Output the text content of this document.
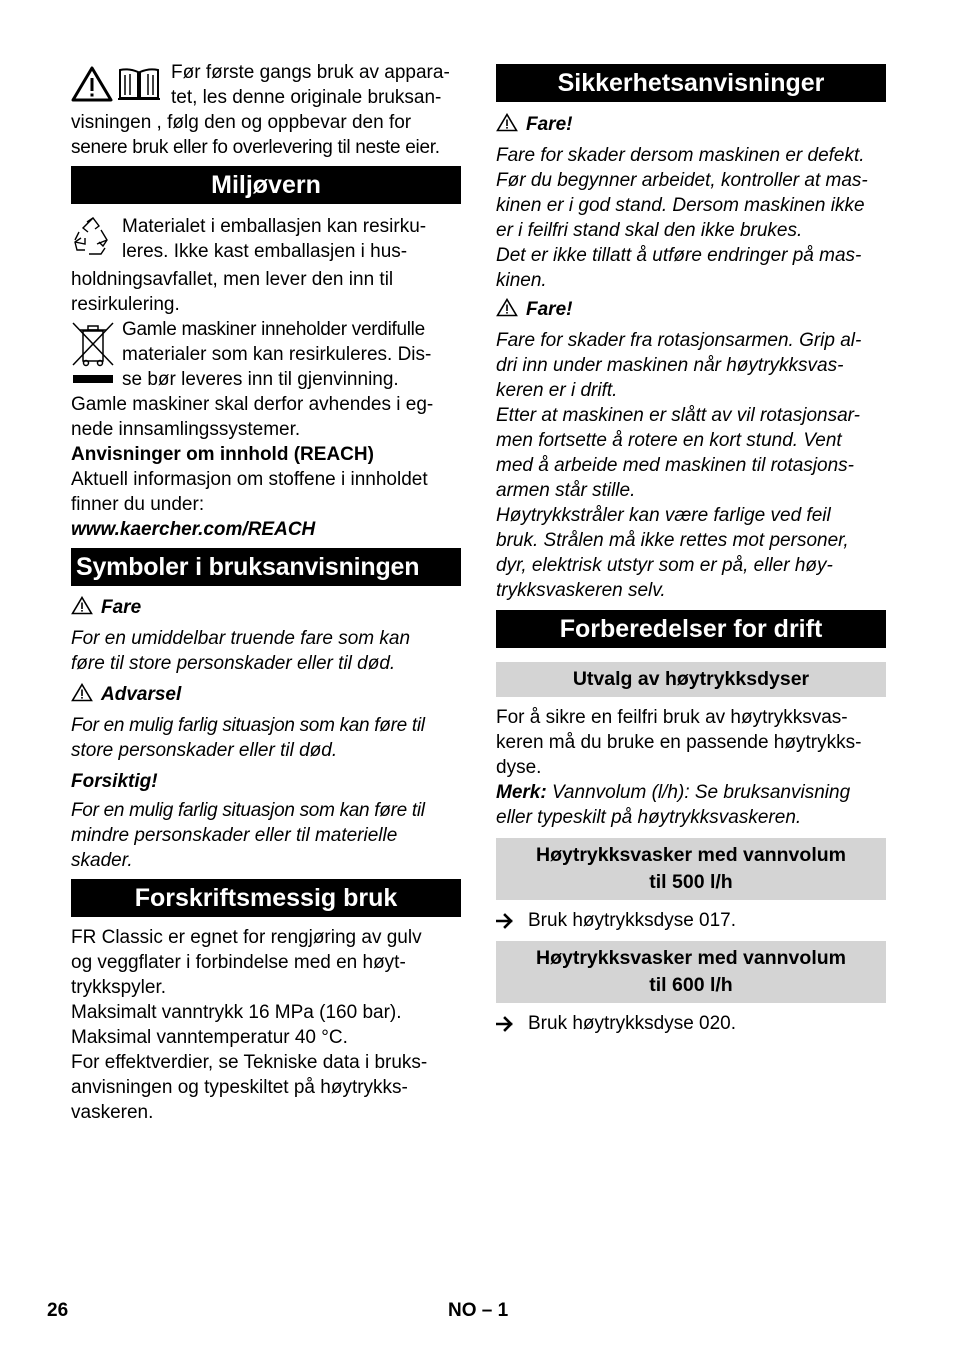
Før første gangs bruk av appara-

tet, les denne originale bruksan-

visningen , følg den og oppbevar den for

senere bruk eller fo overlevering til neste eier.

Miljøvern

Materialet i emballasjen kan resirku-

leres. Ikke kast emballasjen i hus-

holdningsavfallet, men lever den inn til

resirkulering.

Gamle maskiner inneholder verdifulle

materialer som kan resirkuleres. Dis-

se bør leveres inn til gjenvinning.

Gamle maskiner skal derfor avhendes i eg-

nede innsamlingssystemer.

Anvisninger om innhold (REACH)

Aktuell informasjon om stoffene i innholdet

finner du under:

www.kaercher.com/REACH

Symboler i bruksanvisningen

Fare

For en umiddelbar truende fare som kan

føre til store personskader eller til død.

Advarsel

For en mulig farlig situasjon som kan føre til

store personskader eller til død.

Forsiktig!

For en mulig farlig situasjon som kan føre til

mindre personskader eller til materielle

skader.

Forskriftsmessig bruk

FR Classic er egnet for rengjøring av gulv

og veggflater i forbindelse med en høyt-

trykkspyler.

Maksimalt vanntrykk 16 MPa (160 bar).

Maksimal vanntemperatur 40 °C.

For effektverdier, se Tekniske data i bruks-

anvisningen og typeskiltet på høytrykks-

vaskeren.

Sikkerhetsanvisninger

Fare!

Fare for skader dersom maskinen er defekt.

Før du begynner arbeidet, kontroller at mas-

kinen er i god stand. Dersom maskinen ikke

er i feilfri stand skal den ikke brukes.

Det er ikke tillatt å utføre endringer på mas-

kinen.

Fare!

Fare for skader fra rotasjonsarmen. Grip al-

dri inn under maskinen når høytrykksvas-

keren er i drift.

Etter at maskinen er slått av vil rotasjonsar-

men fortsette å rotere en kort stund. Vent

med å arbeide med maskinen til rotasjons-

armen står stille.

Høytrykkstråler kan være farlige ved feil

bruk. Strålen må ikke rettes mot personer,

dyr, elektrisk utstyr som er på, eller høy-

trykksvaskeren selv.

Forberedelser for drift
Utvalg av høytrykksdyser

For å sikre en feilfri bruk av høytrykksvas-

keren må du bruke en passende høytrykks-

dyse.

Merk: Vannvolum (l/h): Se bruksanvisning

eller typeskilt på høytrykksvaskeren.

Høytrykksvasker med vannvolum
til 500 l/h
Bruk høytrykksdyse 017.
Høytrykksvasker med vannvolum
til 600 l/h
Bruk høytrykksdyse 020.
26	NO – 1
